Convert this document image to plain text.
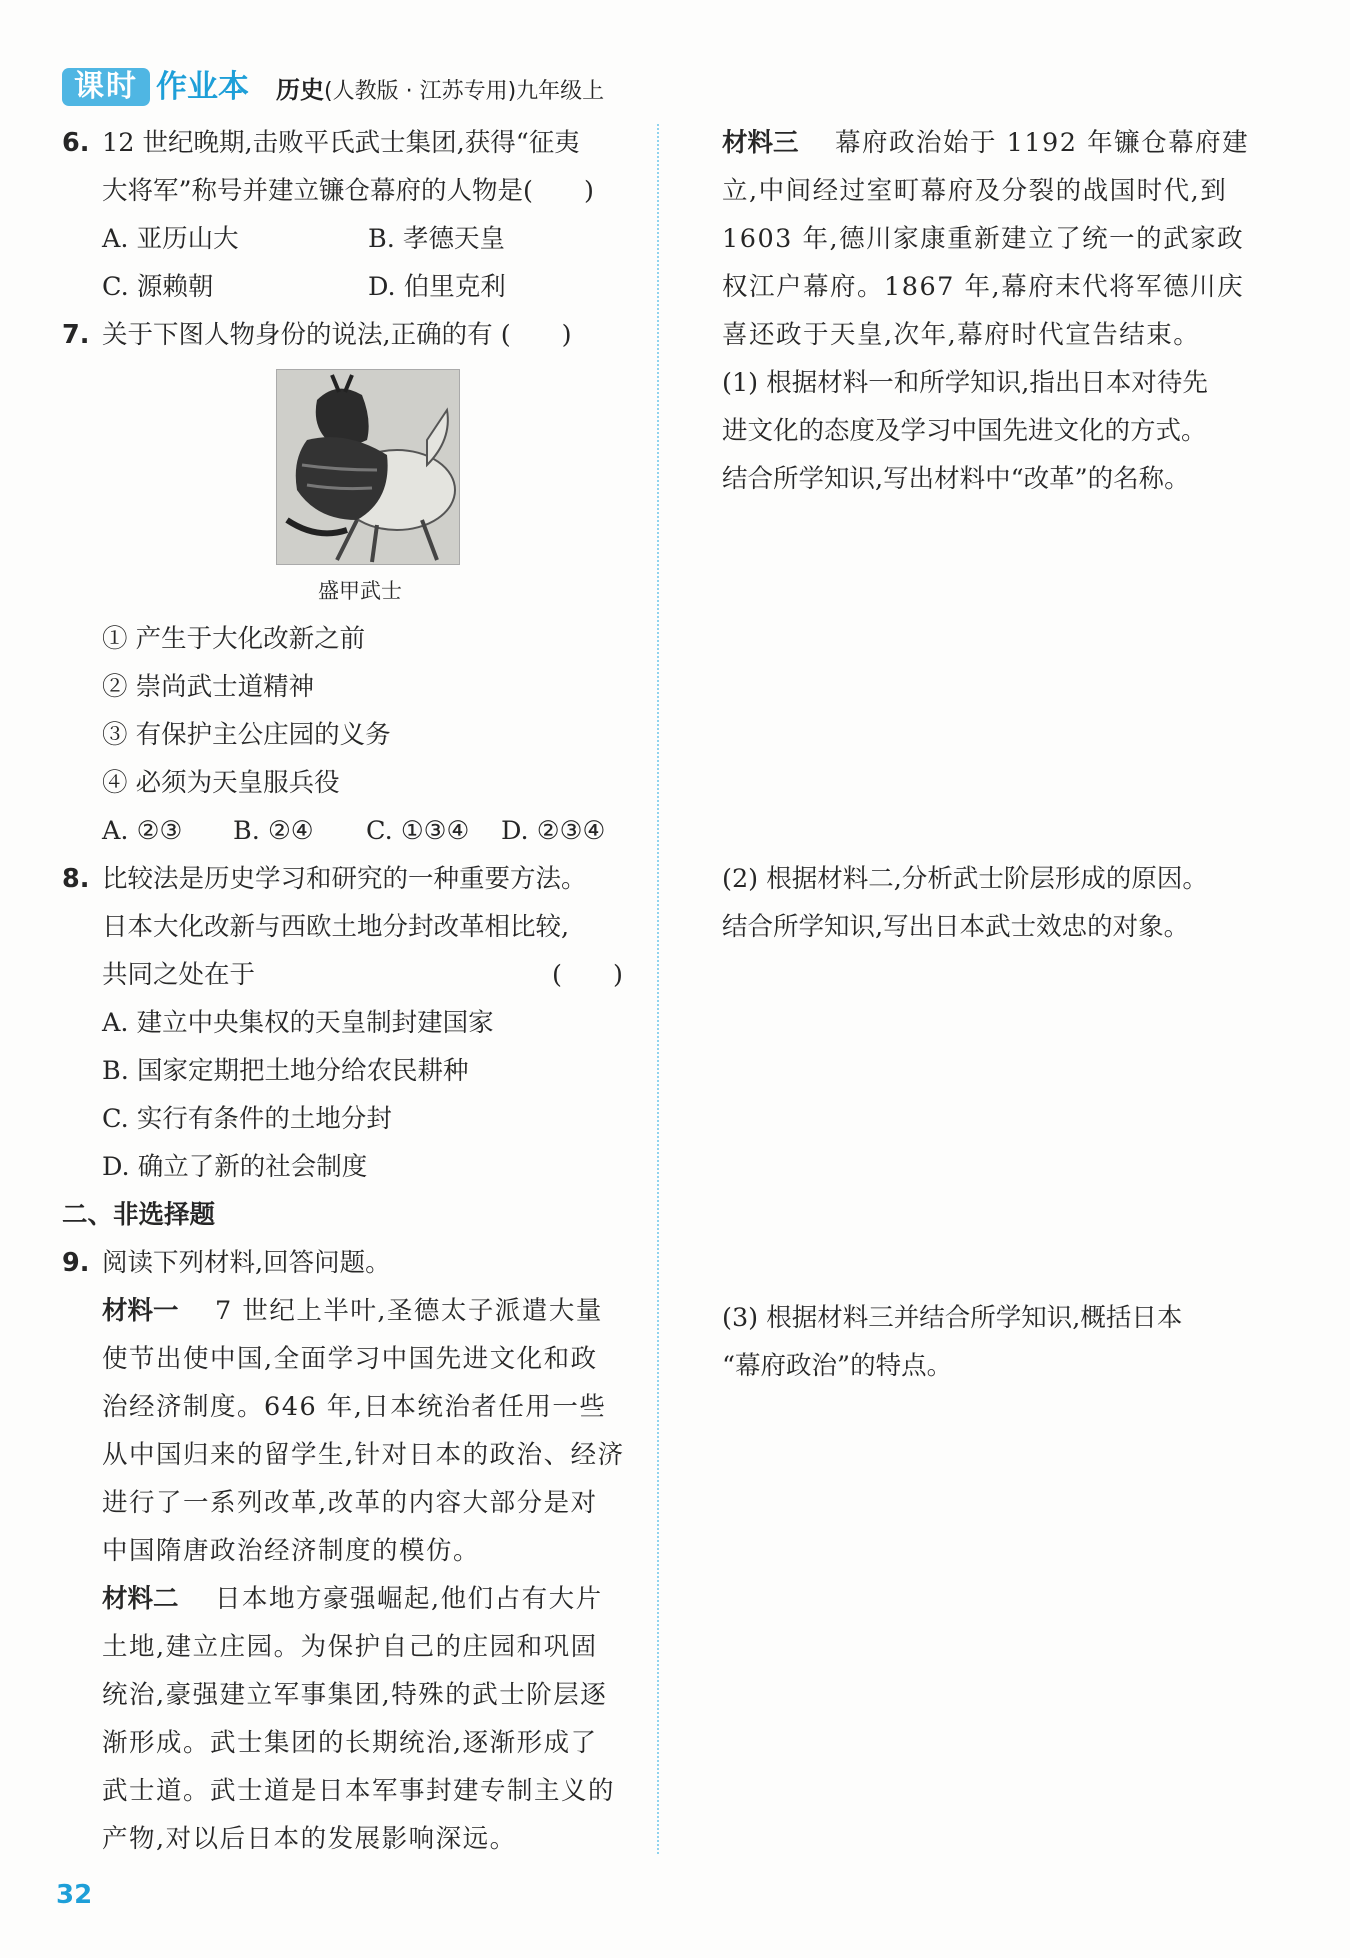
课时 作业本 历史(人教版 · 江苏专用)九年级上
6. 12 世纪晚期,击败平氏武士集团,获得“征夷
大将军”称号并建立镰仓幕府的人物是(　　)
A. 亚历山大	B. 孝德天皇
C. 源赖朝	D. 伯里克利
7. 关于下图人物身份的说法,正确的有 (　　)
盛甲武士
① 产生于大化改新之前
② 崇尚武士道精神
③ 有保护主公庄园的义务
④ 必须为天皇服兵役
A. ②③ B. ②④ C. ①③④ D. ②③④
8. 比较法是历史学习和研究的一种重要方法。
日本大化改新与西欧土地分封改革相比较,
共同之处在于	(　　)
A. 建立中央集权的天皇制封建国家
B. 国家定期把土地分给农民耕种
C. 实行有条件的土地分封
D. 确立了新的社会制度
二、非选择题
9. 阅读下列材料,回答问题。
材料一 7 世纪上半叶,圣德太子派遣大量
使节出使中国,全面学习中国先进文化和政
治经济制度。646 年,日本统治者任用一些
从中国归来的留学生,针对日本的政治、经济
进行了一系列改革,改革的内容大部分是对
中国隋唐政治经济制度的模仿。
材料二 日本地方豪强崛起,他们占有大片
土地,建立庄园。为保护自己的庄园和巩固
统治,豪强建立军事集团,特殊的武士阶层逐
渐形成。武士集团的长期统治,逐渐形成了
武士道。武士道是日本军事封建专制主义的
产物,对以后日本的发展影响深远。
材料三 幕府政治始于 1192 年镰仓幕府建
立,中间经过室町幕府及分裂的战国时代,到
1603 年,德川家康重新建立了统一的武家政
权江户幕府。1867 年,幕府末代将军德川庆
喜还政于天皇,次年,幕府时代宣告结束。
(1) 根据材料一和所学知识,指出日本对待先
进文化的态度及学习中国先进文化的方式。
结合所学知识,写出材料中“改革”的名称。
(2) 根据材料二,分析武士阶层形成的原因。
结合所学知识,写出日本武士效忠的对象。
(3) 根据材料三并结合所学知识,概括日本
“幕府政治”的特点。
32
